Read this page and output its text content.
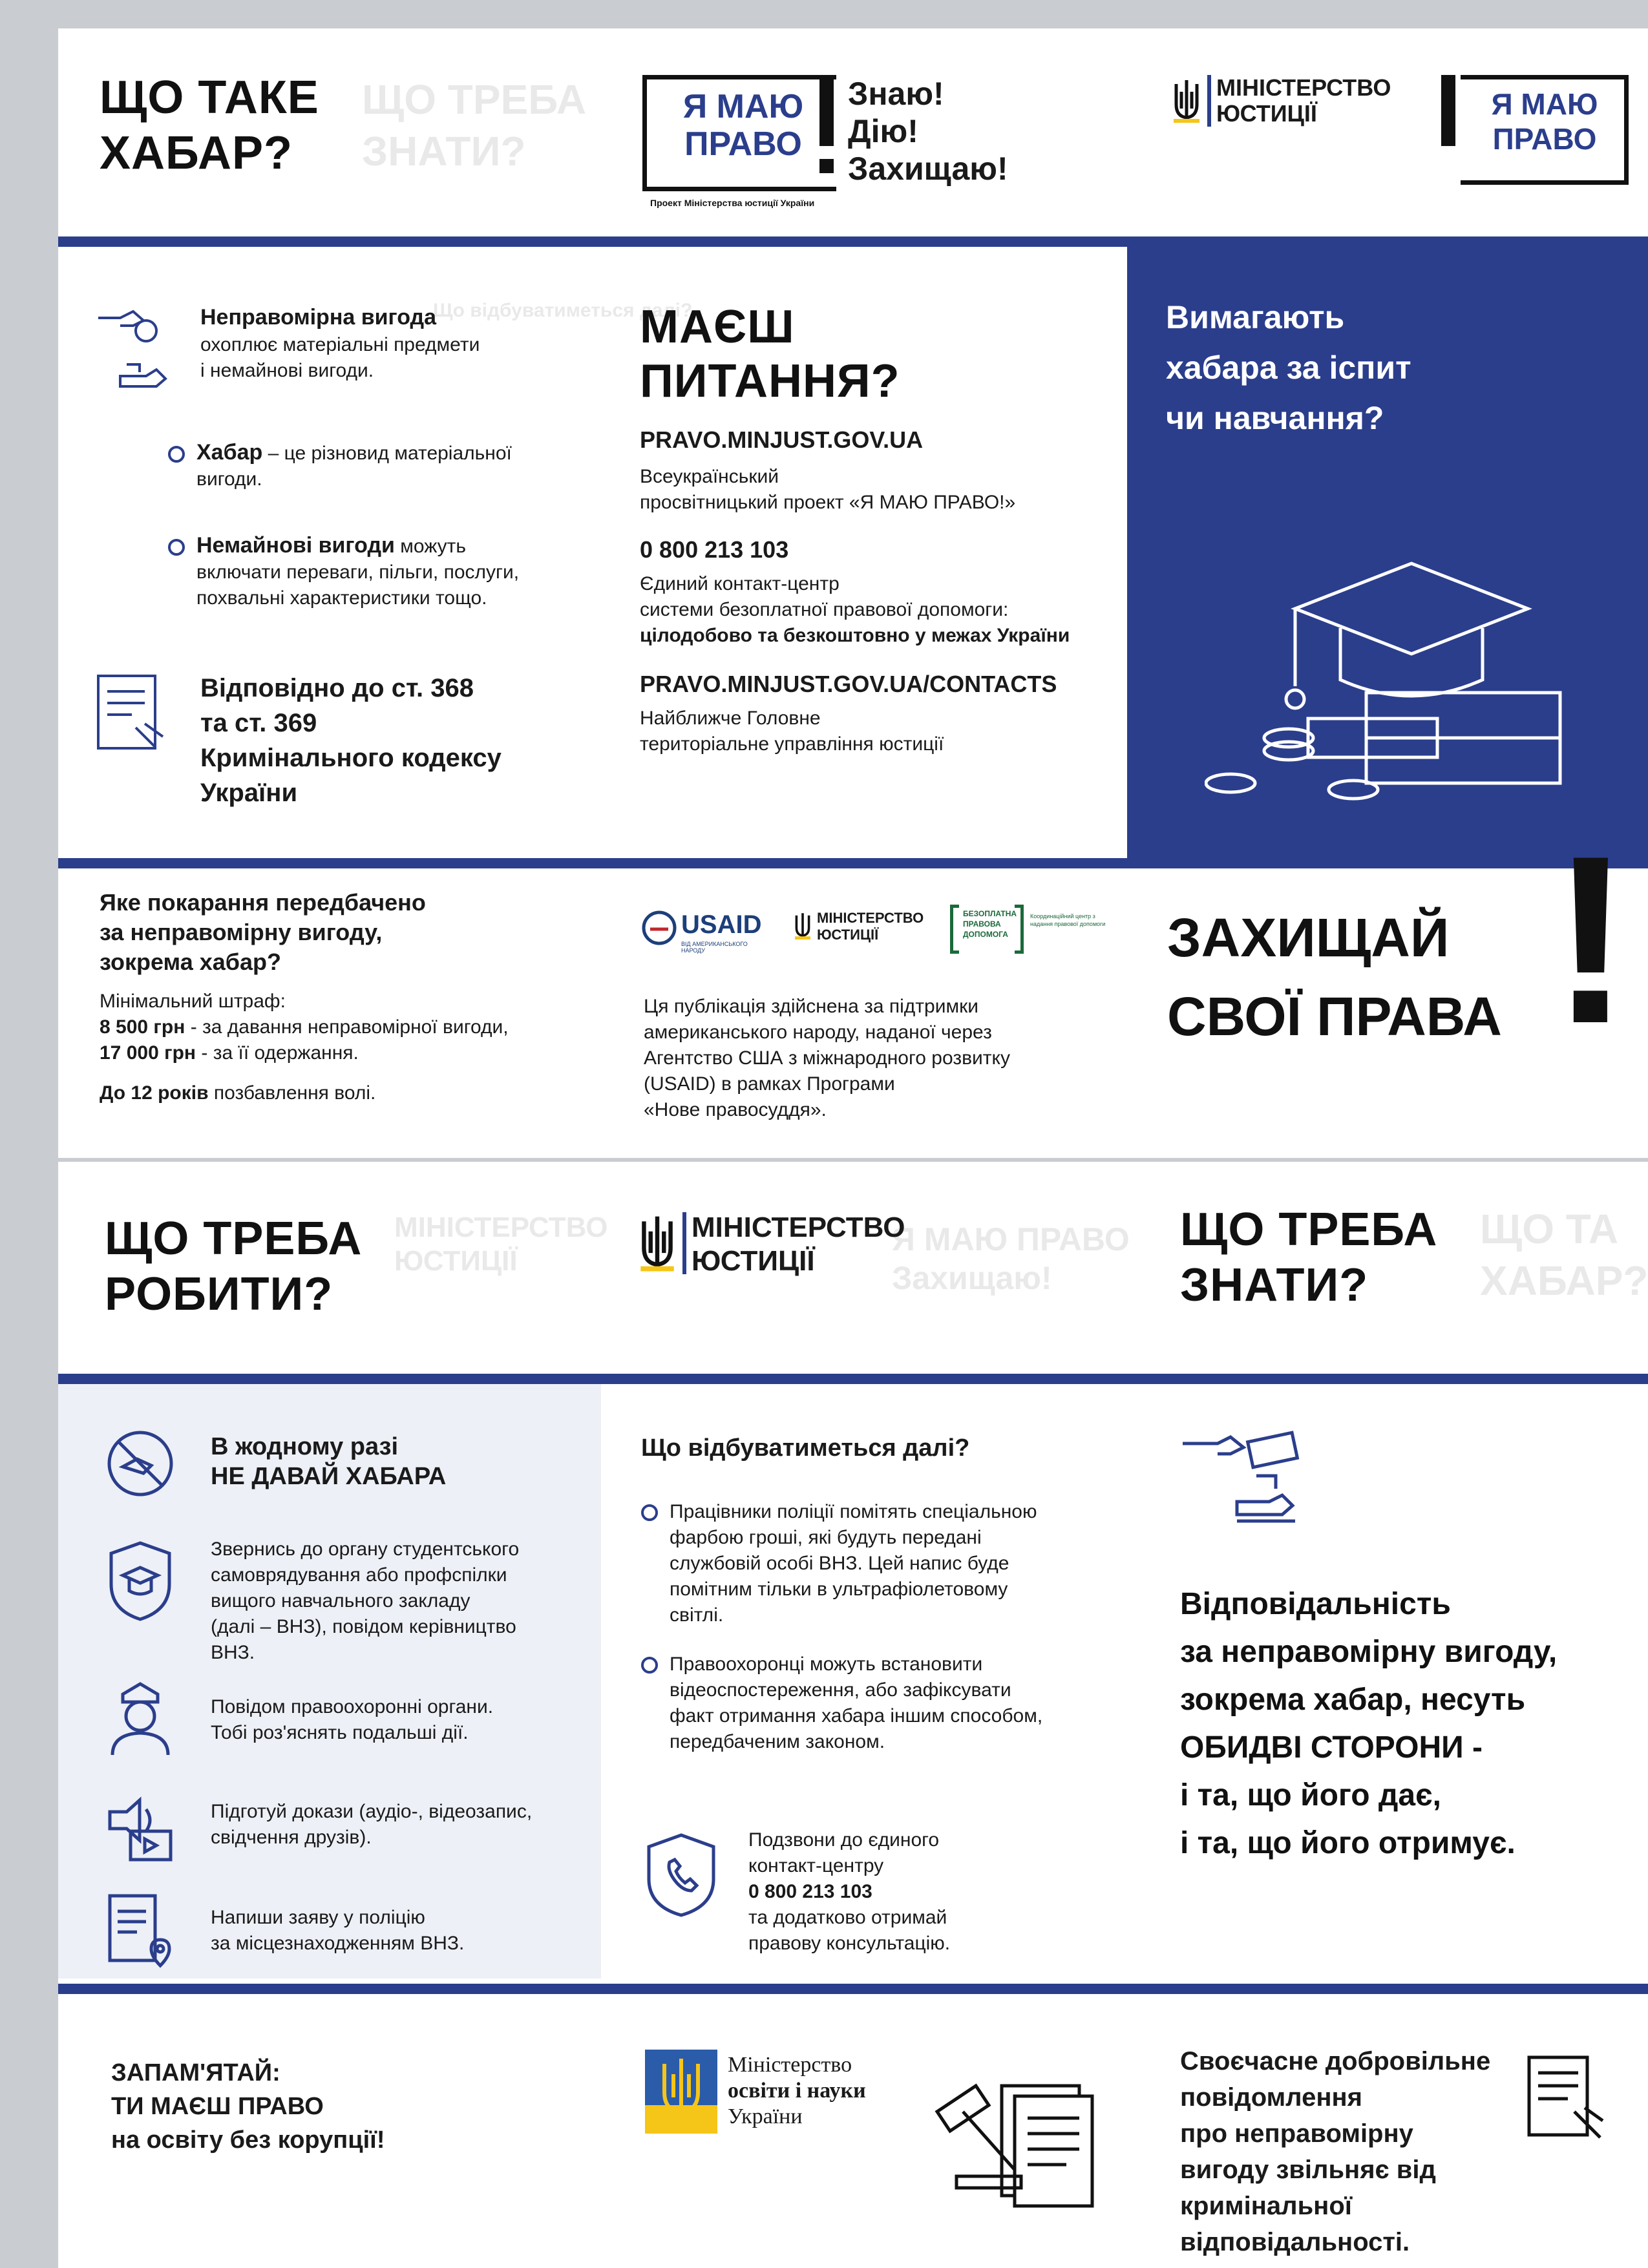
ЩО ТАКЕ
ХАБАР?
ЩО ТРЕБА
ЗНАТИ?
Я МАЮ
ПРАВО
Проект Міністерства юстиції України
Знаю!
Дію!
Захищаю!
МІНІСТЕРСТВО
ЮСТИЦІЇ	Я МАЮ
ПРАВО
Неправомірна вигода
охоплює матеріальні предмети
і немайнові вигоди.
Що відбуватиметься далі?
Хабар – це різновид матеріальної
вигоди.
Немайнові вигоди можуть
включати переваги, пільги, послуги,
похвальні характеристики тощо.
Відповідно до ст. 368
та ст. 369
Кримінального кодексу
України
МАЄШ
ПИТАННЯ?
PRAVO.MINJUST.GOV.UA
Всеукраїнський
просвітницький проект «Я МАЮ ПРАВО!»
0 800 213 103
Єдиний контакт-центр
системи безоплатної правової допомоги:
цілодобово та безкоштовно у межах України
PRAVO.MINJUST.GOV.UA/CONTACTS
Найближче Головне
територіальне управління юстиції
Вимагають
хабара за іспит
чи навчання?
Яке покарання передбачено
за неправомірну вигоду,
зокрема хабар?
Мінімальний штраф:
8 500 грн - за давання неправомірної вигоди,
17 000 грн - за її одержання.
До 12 років позбавлення волі.
USAID
ВІД АМЕРИКАНСЬКОГО НАРОДУ
МІНІСТЕРСТВО
ЮСТИЦІЇ
БЕЗОПЛАТНА
ПРАВОВА
ДОПОМОГА
Координаційний центр з надання правової допомоги
Ця публікація здійснена за підтримки
американського народу, наданої через
Агентство США з міжнародного розвитку
(USAID) в рамках Програми
«Нове правосуддя».
ЗАХИЩАЙ
СВОЇ ПРАВА !
ЩО ТРЕБА
РОБИТИ?
МІНІСТЕРСТВО
ЮСТИЦІЇ
МІНІСТЕРСТВО
ЮСТИЦІЇ
Я МАЮ ПРАВО
Захищаю!
ЩО ТРЕБА
ЗНАТИ?
ЩО ТА
ХАБАР?
В жодному разі
НЕ ДАВАЙ ХАБАРА
Звернись до органу студентського
самоврядування або профспілки
вищого навчального закладу
(далі – ВНЗ), повідом керівництво
ВНЗ.
Повідом правоохоронні органи.
Тобі роз'яснять подальші дії.
Підготуй докази (аудіо-, відеозапис,
свідчення друзів).
Напиши заяву у поліцію
за місцезнаходженням ВНЗ.
Що відбуватиметься далі?
Працівники поліції помітять спеціальною
фарбою гроші, які будуть передані
службовій особі ВНЗ. Цей напис буде
помітним тільки в ультрафіолетовому
світлі.
Правоохоронці можуть встановити
відеоспостереження, або зафіксувати
факт отримання хабара іншим способом,
передбаченим законом.
Подзвони до єдиного
контакт-центру
0 800 213 103
та додатково отримай
правову консультацію.
Відповідальність
за неправомірну вигоду,
зокрема хабар, несуть
ОБИДВІ СТОРОНИ -
і та, що його дає,
і та, що його отримує.
ЗАПАМ'ЯТАЙ:
ТИ МАЄШ ПРАВО
на освіту без корупції!
Міністерство
освіти і науки
України
Своєчасне добровільне
повідомлення
про неправомірну
вигоду звільняє від
кримінальної
відповідальності.
